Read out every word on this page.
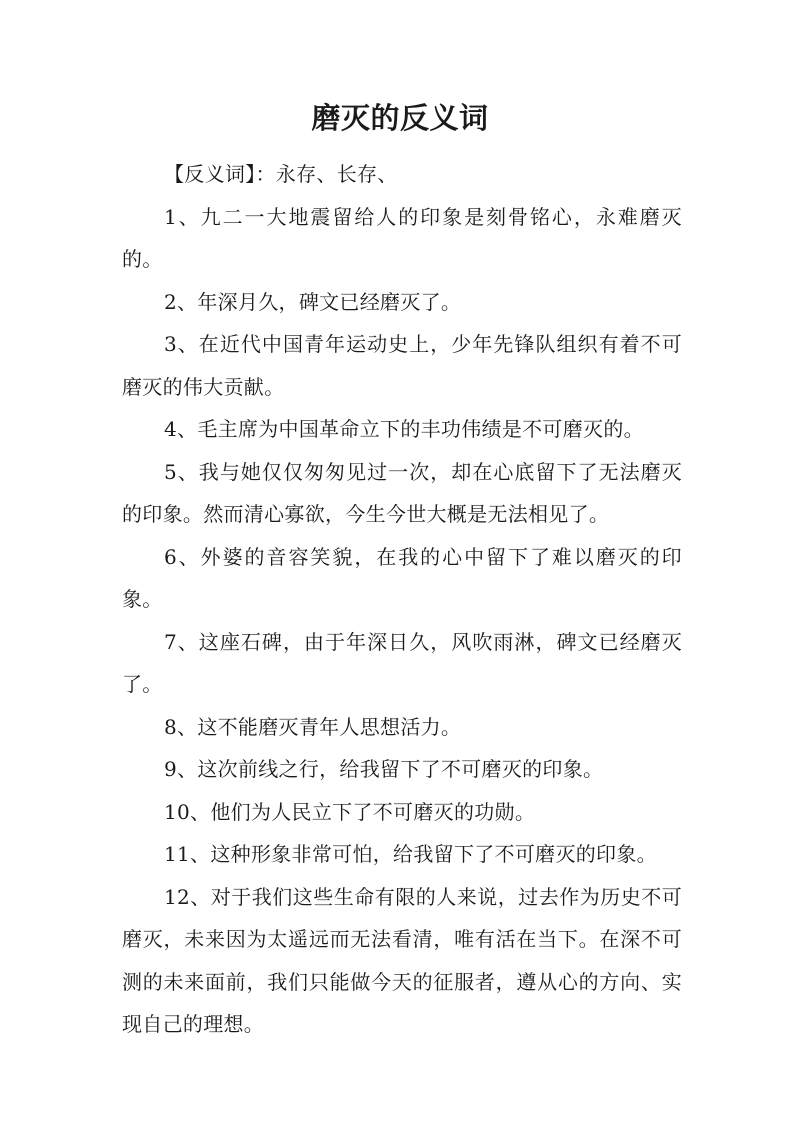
磨灭的反义词

【反义词】：永存、长存、

1、九二一大地震留给人的印象是刻骨铭心，永难磨灭的。

2、年深月久，碑文已经磨灭了。

3、在近代中国青年运动史上，少年先锋队组织有着不可磨灭的伟大贡献。

4、毛主席为中国革命立下的丰功伟绩是不可磨灭的。

5、我与她仅仅匆匆见过一次，却在心底留下了无法磨灭的印象。然而清心寡欲，今生今世大概是无法相见了。

6、外婆的音容笑貌，在我的心中留下了难以磨灭的印象。

7、这座石碑，由于年深日久，风吹雨淋，碑文已经磨灭了。

8、这不能磨灭青年人思想活力。

9、这次前线之行，给我留下了不可磨灭的印象。

10、他们为人民立下了不可磨灭的功勋。

11、这种形象非常可怕，给我留下了不可磨灭的印象。

12、对于我们这些生命有限的人来说，过去作为历史不可磨灭，未来因为太遥远而无法看清，唯有活在当下。在深不可测的未来面前，我们只能做今天的征服者，遵从心的方向、实现自己的理想。
